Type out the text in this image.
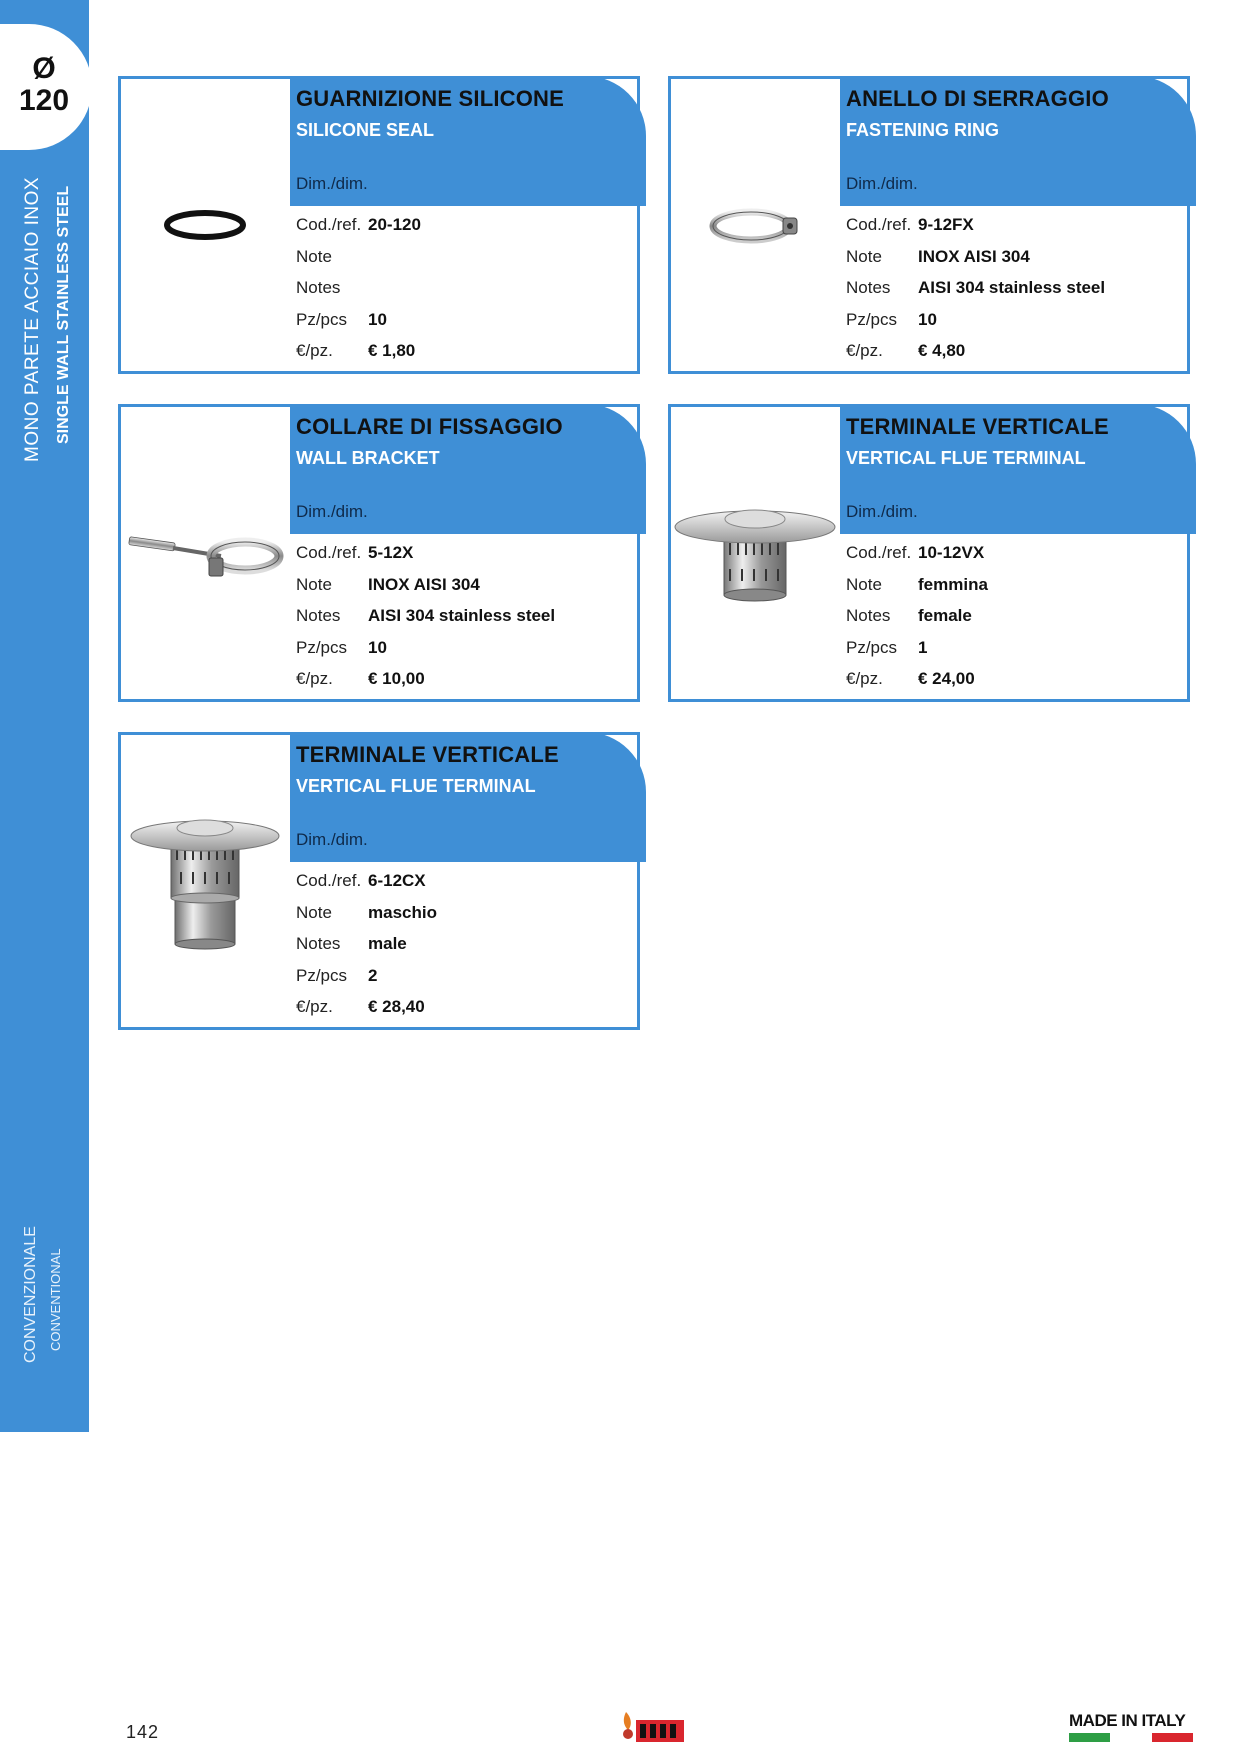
Ø
120
MONO PARETE ACCIAIO INOX SINGLE WALL STAINLESS STEEL
CONVENZIONALE CONVENTIONAL
GUARNIZIONE SILICONE
SILICONE SEAL
Dim./dim.
Cod./ref. 20-120
Note
Notes
Pz/pcs 10
€/pz. € 1,80
ANELLO DI SERRAGGIO
FASTENING RING
Dim./dim.
Cod./ref. 9-12FX
Note INOX AISI 304
Notes AISI 304 stainless steel
Pz/pcs 10
€/pz. € 4,80
COLLARE DI FISSAGGIO
WALL BRACKET
Dim./dim.
Cod./ref. 5-12X
Note INOX AISI 304
Notes AISI 304 stainless steel
Pz/pcs 10
€/pz. € 10,00
TERMINALE VERTICALE
VERTICAL FLUE TERMINAL
Dim./dim.
Cod./ref. 10-12VX
Note femmina
Notes female
Pz/pcs 1
€/pz. € 24,00
TERMINALE VERTICALE
VERTICAL FLUE TERMINAL
Dim./dim.
Cod./ref. 6-12CX
Note maschio
Notes male
Pz/pcs 2
€/pz. € 28,40
142
MADE IN ITALY
